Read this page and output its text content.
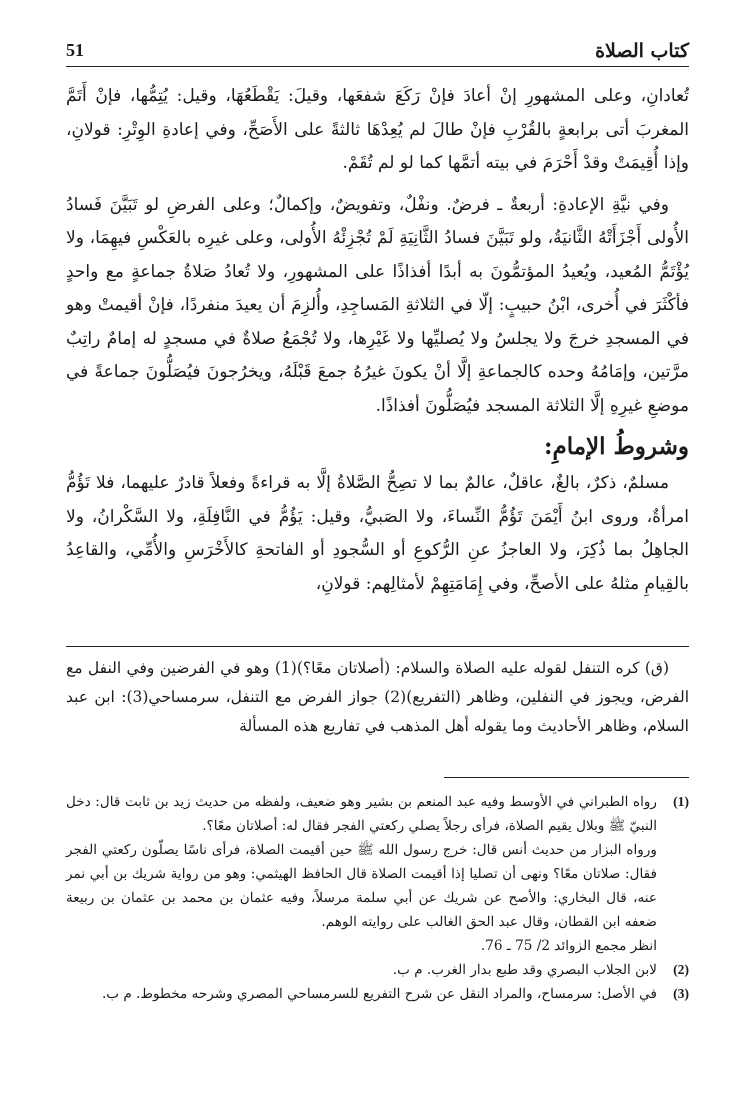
كتاب الصلاة
51

تُعادانِ، وعلى المشهورِ إنْ أعادَ فإنْ رَكَعَ شفعَها، وقيلَ: يَقْطَعُهَا، وقيل: يُتِمُّها، فإنْ أَتَمَّ المغربَ أتى برابعةٍ بالقُرْبِ فإنْ طالَ لم يُعِدْهَا ثالثةً على الأَصَحِّ، وفي إعادةِ الوِتْرِ: قولانِ، وإذا أُقِيمَتْ وقدْ أَحْرَمَ في بيته أتمَّها كما لو لم تُقَمْ.

وفي نيَّةِ الإعادةِ: أربعةٌ ـ فرضٌ. ونفْلٌ، وتفويضٌ، وإكمالٌ؛ وعلى الفرضِ لو تَبَيَّنَ فَسادُ الأُولى أَجْزَأَتْهُ الثَّانيَةُ، ولو تَبَيَّنَ فسادُ الثَّانِيَةِ لَمْ تُجْزِئْهُ الأُولى، وعلى غيرِه بالعَكْسِ فيهِمَا، ولا يُؤْتَمُّ المُعيد، ويُعيدُ المؤتمُّونَ به أبدًا أفذاذًا على المشهورِ، ولا تُعادُ صَلاةُ جماعةٍ مع واحدٍ فأكْثَرَ في أُخرى، ابْنُ حبيبٍ: إلّا في الثلاثةِ المَساجِدِ، وأُلزِمَ أن يعيدَ منفردًا، فإنْ أقيمتْ وهو في المسجدِ خرجَ ولا يجلسُ ولا يُصليِّها ولا غَيْرِها، ولا تُجْمَعُ صلاةٌ في مسجدٍ له إمامٌ راتِبٌ مرَّتين، وإمَامُهُ وحده كالجماعةِ إلَّا أنْ يكونَ غيرُهُ جمعَ قَبْلَهُ، ويخرُجونَ فيُصَلُّونَ جماعةً في موضعِ غيرِهِ إلَّا الثلاثة المسجد فيُصَلُّونَ أفذاذًا.

وشروطُ الإمامِ:

مسلمٌ، ذكرٌ، بالغٌ، عاقلٌ، عالمٌ بما لا تصِحُّ الصَّلاةُ إلَّا به قراءةً وفعلاً قادرٌ عليهما، فلا تَؤُمُّ امرأةٌ، وروى ابنُ أَيْمَنَ تَؤُمُّ النِّساءَ، ولا الصَبيُّ، وقيل: يَؤُمُّ في النَّافِلَةِ، ولا السَّكْرانُ، ولا الجاهِلُ بما ذُكِرَ، ولا العاجزُ عنِ الرُّكوعِ أو السُّجودِ أو الفاتحةِ كالأَخْرَسِ والأُمِّي، والقاعِدُ بالقِيامِ مثلهُ على الأصحِّ، وفي إِمَامَتِهِمْ لأمثالِهم: قولانِ،

(ق) كره التنفل لقوله عليه الصلاة والسلام: (أصلاتان معًا؟)(1) وهو في الفرضين وفي النفل مع الفرض، ويجوز في النفلين، وظاهر (التفريع)(2) جواز الفرض مع التنفل، سرمساحي(3): ابن عبد السلام، وظاهر الأحاديث وما يقوله أهل المذهب في تفاريع هذه المسألة

(1)
رواه الطبراني في الأوسط وفيه عبد المنعم بن بشير وهو ضعيف، ولفظه من حديث زيد بن ثابت قال: دخل النبيّ ﷺ وبلال يقيم الصلاة، فرأى رجلاً يصلي ركعتي الفجر فقال له: أصلاتان معًا؟.
ورواه البزار من حديث أنس قال: خرج رسول الله ﷺ حين أقيمت الصلاة، فرأى ناسًا يصلّون ركعتي الفجر فقال: صلاتان معًا؟ ونهى أن تصليا إذا أقيمت الصلاة قال الحافظ الهيثمي: وهو من رواية شريك بن أبي نمر عنه، قال البخاري: والأصح عن شريك عن أبي سلمة مرسلاً، وفيه عثمان بن محمد بن عثمان بن ربيعة ضعفه ابن القطان، وقال عبد الحق الغالب على روايته الوهم.
انظر مجمع الزوائد 2/ 75 ـ 76.
(2)
لابن الجلاب البصري وقد طبع بدار الغرب. م ب.
(3)
في الأصل: سرمساح، والمراد النقل عن شرح التفريع للسرمساحي المصري وشرحه مخطوط. م ب.
